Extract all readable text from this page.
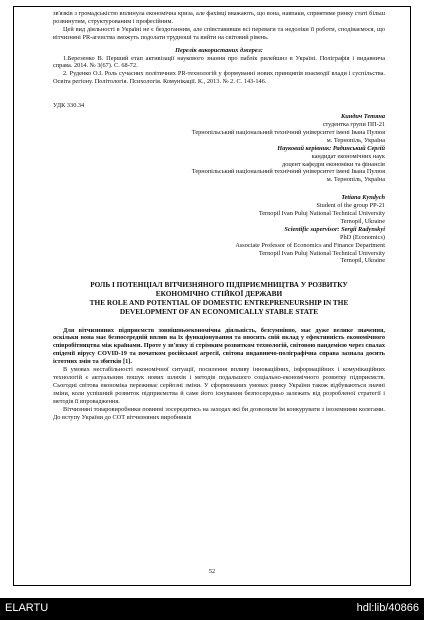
зв'язків з громадськістю вплинула економічна криза, але фахівці вважають, що вона, навпаки, сприятиме ринку статі більш розвинутим, структурованим і професійним.

Цей вид діяльності в Україні не є бездоганним, але співставивши всі переваги та недоліки її роботи, сподіваємося, що вітчизняні PR-агенства зможуть подолати трудноші та вийти на світовий рівень.

Перелік використаних джерел:

1.Березенко В. Перший етап активізації наукового знання про паблік рилейшнз в Україні. Поліграфія і видавнича справа. 2014. № 3(67). С. 68-72.

2. Руденко О.І. Роль сучасних політичних PR-технологій у формуванні нових принципів взаємодії влади і суспільства. Освіта регіону. Політологія. Психологія. Комунікації. К., 2013. № 2. С. 143-146.

УДК 330.34

Киндич Тетяна
студентка групи ПП-21
Тернопільський національний технічний університет імені Івана Пулюя
м. Тернопіль, Україна
Науковий керівник: Радинський Сергій
кандидат економічних наук
доцент кафедри економіки та фінансів
Тернопільський національний технічний університет імені Івана Пулюя
м. Тернопіль, Україна
Tetiana Kyndych
Student of the group PP-21
Ternopil Ivan Puluj National Technical University
Ternopil, Ukraine
Scientific supervisor: Sergii Radynskyi
PhD (Economics)
Associate Professor of Economics and Finance Department
Ternopil Ivan Puluj National Technical University
Ternopil, Ukraine
РОЛЬ І ПОТЕНЦІАЛ ВІТЧИЗНЯНОГО ПІДПРИЄМНИЦТВА У РОЗВИТКУ
ЕКОНОМІЧНО СТІЙКОЇ ДЕРЖАВИ
THE ROLE AND POTENTIAL OF DOMESTIC ENTREPRENEURSHIP IN THE
DEVELOPMENT OF AN ECONOMICALLY STABLE STATE

Для вітчизняних підприємств зовнішньоекономічна діяльність, безсумнівно, має дуже велике значення, оскільки вона має безпосередній вплив на їх функціонування та вносить свій вклад у ефективність економічного співробітництва між країнами. Проте у зв'язку зі стрімким розвитком технологій, світовою пандемією через спалах епідемії вірусу COVID-19 та початком російської агресії, світова видавничо-поліграфічна справа зазнала досить істотних змін та збитків [1].

В умовах нестабільності економічної ситуації, посилення впливу інноваційних, інформаційних і комунікаційних технологій є актуальним пошук нових шляхів і методів подальшого соціально-економічного розвитку підприємств. Сьогодні світова економіка переживає серйозні зміни. У сформованих умовах ринку України також відбуваються значні зміни, коли успішний розвиток підприємства й саме його існування безпосередньо залежать від розробленої стратегії і методів її впровадження.

Вітчизняні товаровиробники повинні зосередитись на заходах які би дозволили їм конкурувати з іноземними колегами. До вступу України до СОТ вітчизняних виробників

52
ELARTU	hdl:lib/40866
